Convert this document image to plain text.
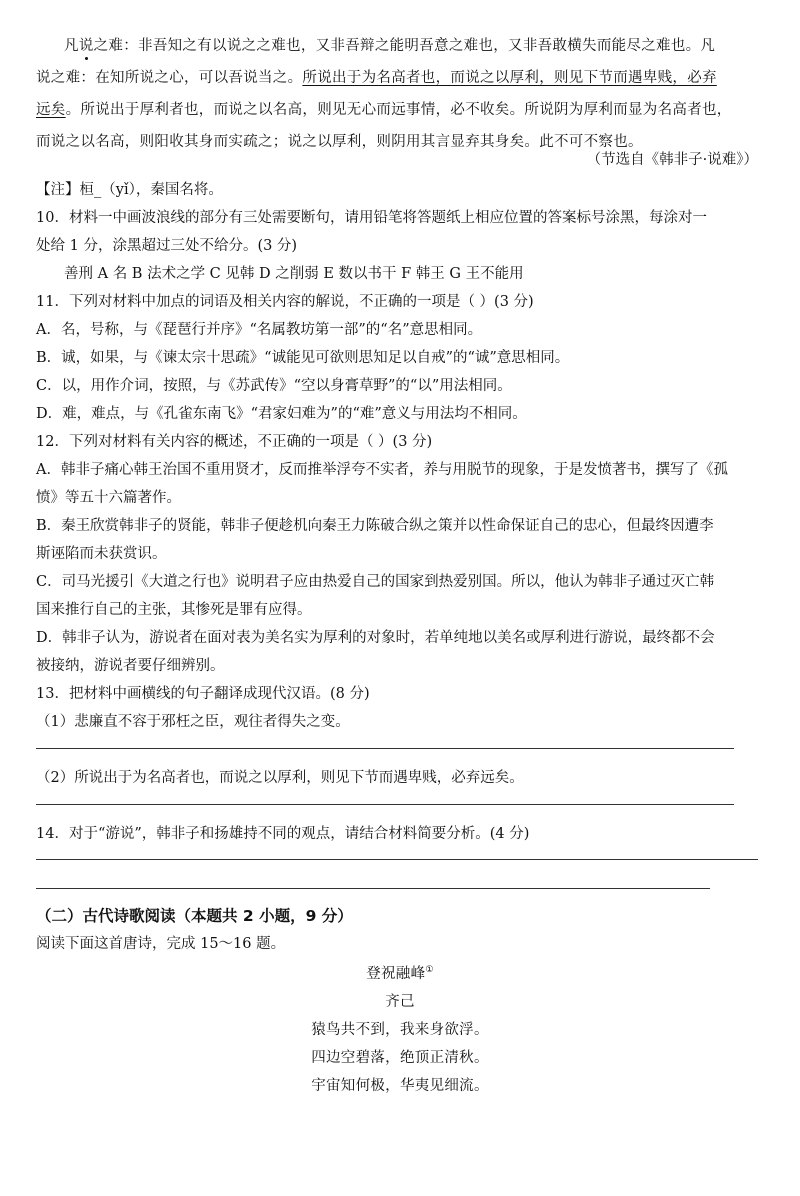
凡说之难：非吾知之有以说之之难也，又非吾辩之能明吾意之难也，又非吾敢横失而能尽之难也。凡
说之难：在知所说之心，可以吾说当之。所说出于为名高者也，而说之以厚利，则见下节而遇卑贱，必弃
远矣。所说出于厚利者也，而说之以名高，则见无心而远事情，必不收矣。所说阴为厚利而显为名高者也，
而说之以名高，则阳收其身而实疏之；说之以厚利，则阴用其言显弃其身矣。此不可不察也。
（节选自《韩非子·说难》）
【注】桓_（yǐ），秦国名将。
10．材料一中画波浪线的部分有三处需要断句，请用铅笔将答题纸上相应位置的答案标号涂黑，每涂对一
处给 1 分，涂黑超过三处不给分。(3 分)
善刑 A 名 B 法术之学 C 见韩 D 之削弱 E 数以书干 F 韩王 G 王不能用
11．下列对材料中加点的词语及相关内容的解说，不正确的一项是（ ）(3 分)
A．名，号称，与《琵琶行并序》“名属教坊第一部”的“名”意思相同。
B．诚，如果，与《谏太宗十思疏》“诚能见可欲则思知足以自戒”的“诚”意思相同。
C．以，用作介词，按照，与《苏武传》“空以身膏草野”的“以”用法相同。
D．难，难点，与《孔雀东南飞》“君家妇难为”的“难”意义与用法均不相同。
12．下列对材料有关内容的概述，不正确的一项是（ ）(3 分)
A．韩非子痛心韩王治国不重用贤才，反而推举浮夸不实者，养与用脱节的现象，于是发愤著书，撰写了《孤
愤》等五十六篇著作。
B．秦王欣赏韩非子的贤能，韩非子便趁机向秦王力陈破合纵之策并以性命保证自己的忠心，但最终因遭李
斯诬陷而未获赏识。
C．司马光援引《大道之行也》说明君子应由热爱自己的国家到热爱别国。所以，他认为韩非子通过灭亡韩
国来推行自己的主张，其惨死是罪有应得。
D．韩非子认为，游说者在面对表为美名实为厚利的对象时，若单纯地以美名或厚利进行游说，最终都不会
被接纳，游说者要仔细辨别。
13．把材料中画横线的句子翻译成现代汉语。(8 分)
（1）悲廉直不容于邪枉之臣，观往者得失之变。
（2）所说出于为名高者也，而说之以厚利，则见下节而遇卑贱，必弃远矣。
14．对于“游说”，韩非子和扬雄持不同的观点，请结合材料简要分析。(4 分)
（二）古代诗歌阅读（本题共 2 小题，9 分）
阅读下面这首唐诗，完成 15～16 题。
登祝融峰①
齐己
猿鸟共不到，我来身欲浮。
四边空碧落，绝顶正清秋。
宇宙知何极，华夷见细流。
